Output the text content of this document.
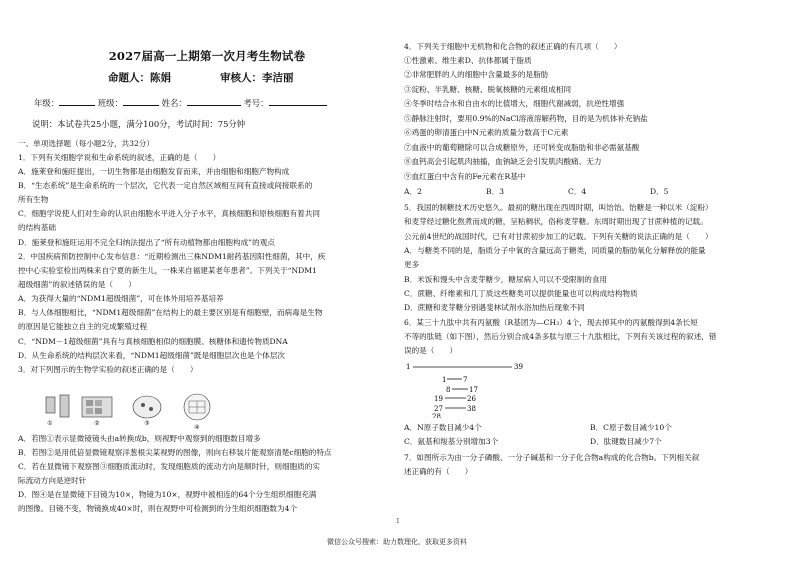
2027届高一上期第一次月考生物试卷
命题人：陈娟	审核人：李洁丽
年级：	班级：	姓名：	考号：
说明：本试卷共25小题，满分100分，考试时间：75分钟
一、单项选择题（每小题2分，共32分）
1．下列有关细胞学说和生命系统的叙述，正确的是（　　）
A．施莱登和施旺提出，一切生物都是由细胞发育而来，并由细胞和细胞产物构成
B．“生态系统”是生命系统的一个层次，它代表一定自然区域相互间有直接或间接联系的
所有生物
C．细胞学说使人们对生命的认识由细胞水平进入分子水平，真核细胞和原核细胞有着共同
的结构基础
D．施莱登和施旺运用不完全归纳法提出了“所有动植物都由细胞构成”的观点
2．中国疾病预防控制中心发布信息：“近期检测出三株NDM1耐药基因阳性细菌，其中，疾
控中心实验室检出两株来自宁夏的新生儿，一株来自福建某老年患者”。下列关于“NDM1
超级细菌”的叙述错误的是（　　）
A．为获得大量的“NDM1超级细菌”，可在体外用培养基培养
B．与人体细胞相比，“NDM1超级细菌”在结构上的最主要区别是有细胞壁，而病毒是生物
的原因是它能独立自主的完成繁殖过程
C．“NDM－1超级细菌”具有与真核细胞相似的细胞膜、核糖体和遗传物质DNA
D．从生命系统的结构层次来看，“NDM1超级细菌”既是细胞层次也是个体层次
3．对下列图示的生物学实验的叙述正确的是（　　）
①	②	③
④
A．若图①表示显微镜镜头由a转换成b，则视野中观察到的细胞数目增多
B．若图②是用低倍显微镜观察洋葱根尖某视野的图像，则向右移装片能观察清楚c细胞的特点
C．若在显微镜下观察图③细胞质流动时，发现细胞质的流动方向是顺时针，则细胞质的实
际流动方向是逆时针
D．图④是在显微镜下目镜为10×，物镜为10×，视野中被相连的64个分生组织细胞充满
的图像。目镜不变，物镜换成40×时，则在视野中可检测到的分生组织细胞数为4个
4．下列关于细胞中无机物和化合物的叙述正确的有几项（　　）
①性激素、维生素D、抗体都属于脂质
②非常肥胖的人的细胞中含量最多的是脂肪
③淀粉、半乳糖、核糖、脱氧核糖的元素组成相同
④冬季时结合水和自由水的比值增大，细胞代谢减弱，抗逆性增强
⑤静脉注射时，要用0.9%的NaCl溶液溶解药物，目的是为机体补充钠盐
⑥鸡蛋的卵清蛋白中N元素的质量分数高于C元素
⑦血液中的葡萄糖除可以合成糖原外，还可转变成脂肪和非必需氨基酸
⑧血钙高会引起肌肉抽搐，血钠缺乏会引发肌肉酸痛、无力
⑨血红蛋白中含有的Fe元素在R基中
A．2	B．3	C．4	D．5
5．我国的制糖技术历史悠久。最初的糖出现在西周时期，叫饴饴。饴糖是一种以米（淀粉）
和麦芽经过糖化熬煮而成的糖，呈粘稠状，俗称麦芽糖。东周时期出现了甘蔗种植的记载。
公元前4世纪的战国时代，已有对甘蔗初步加工的记载。下列有关糖的说法正确的是（　　）
A．与糖类不同的是，脂质分子中氧的含量远高于糖类，同质量的脂肪氧化分解释放的能量
更多
B．米饭和馒头中含麦芽糖少，糖尿病人可以不受限制的食用
C．蔗糖、纤维素和几丁质这些糖类可以提供能量也可以构成结构物质
D．蔗糖和麦芽糖分别遇斐林试剂水浴加热后现象不同
6．某三十九肽中共有丙氨酸（R基团为—CH₃）4个，现去掉其中的丙氨酸得到4条长短
不等的肽链（如下图），然后分别合成4条多肽与原三十九肽相比，下列有关该过程的叙述，错
误的是（　　）
1	39
1 7
8	17
19	26
27	38
28
A．N原子数目减少4个	B．C原子数目减少10个
C．氨基和羧基分别增加3个	D．肽键数目减少7个
7．如图所示为由一分子磷酸、一分子碱基和一分子化合物a构成的化合物b。下列相关叙
述正确的有（　　）
1
微信公众号搜索：助力数理化，获取更多资料
